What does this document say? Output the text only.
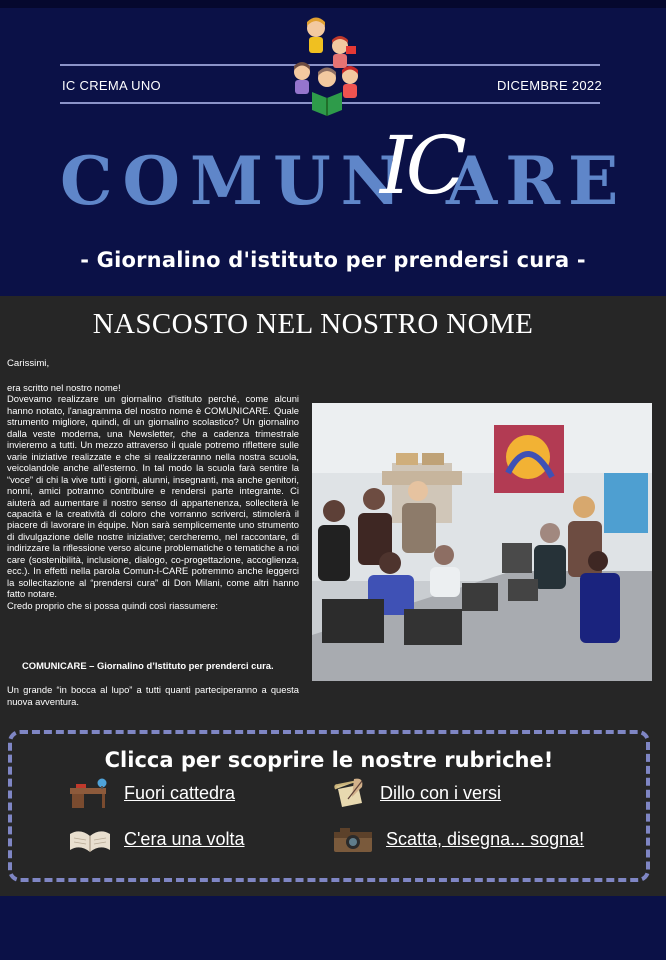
IC CREMA UNO	DICEMBRE 2022
COMUN
IC
ARE
- Giornalino d'istituto per prendersi cura -
NASCOSTO NEL NOSTRO NOME
Carissimi,

era scritto nel nostro nome!
Dovevamo realizzare un giornalino d'istituto perché, come alcuni hanno notato, l'anagramma del nostro nome è COMUNICARE. Quale strumento migliore, quindi, di un giornalino scolastico? Un giornalino dalla veste moderna, una Newsletter, che a cadenza trimestrale invieremo a tutti. Un mezzo attraverso il quale potremo riflettere sulle varie iniziative realizzate e che si realizzeranno nella nostra scuola, veicolandole anche all'esterno. In tal modo la scuola farà sentire la “voce” di chi la vive tutti i giorni, alunni, insegnanti, ma anche genitori, nonni, amici potranno contribuire e rendersi parte integrante. Ci aiuterà ad aumentare il nostro senso di appartenenza, solleciterà le capacità e la creatività di coloro che vorranno scriverci, stimolerà il piacere di lavorare in équipe. Non sarà semplicemente uno strumento di divulgazione delle nostre iniziative; cercheremo, nel raccontare, di indirizzare la riflessione verso alcune problematiche o tematiche a noi care (sostenibilità, inclusione, dialogo, co-progettazione, accoglienza, ecc.). In effetti nella parola Comun-I-CARE potremmo anche leggerci la sollecitazione al “prendersi cura” di Don Milani, come altri hanno fatto notare.
Credo proprio che si possa quindi così riassumere:

COMUNICARE – Giornalino d’Istituto per prenderci cura.

Un grande “in bocca al lupo” a tutti quanti parteciperanno a questa nuova avventura.

Clicca per scoprire le nostre rubriche!
Fuori cattedra	Dillo con i versi
C'era una volta	Scatta, disegna... sogna!
